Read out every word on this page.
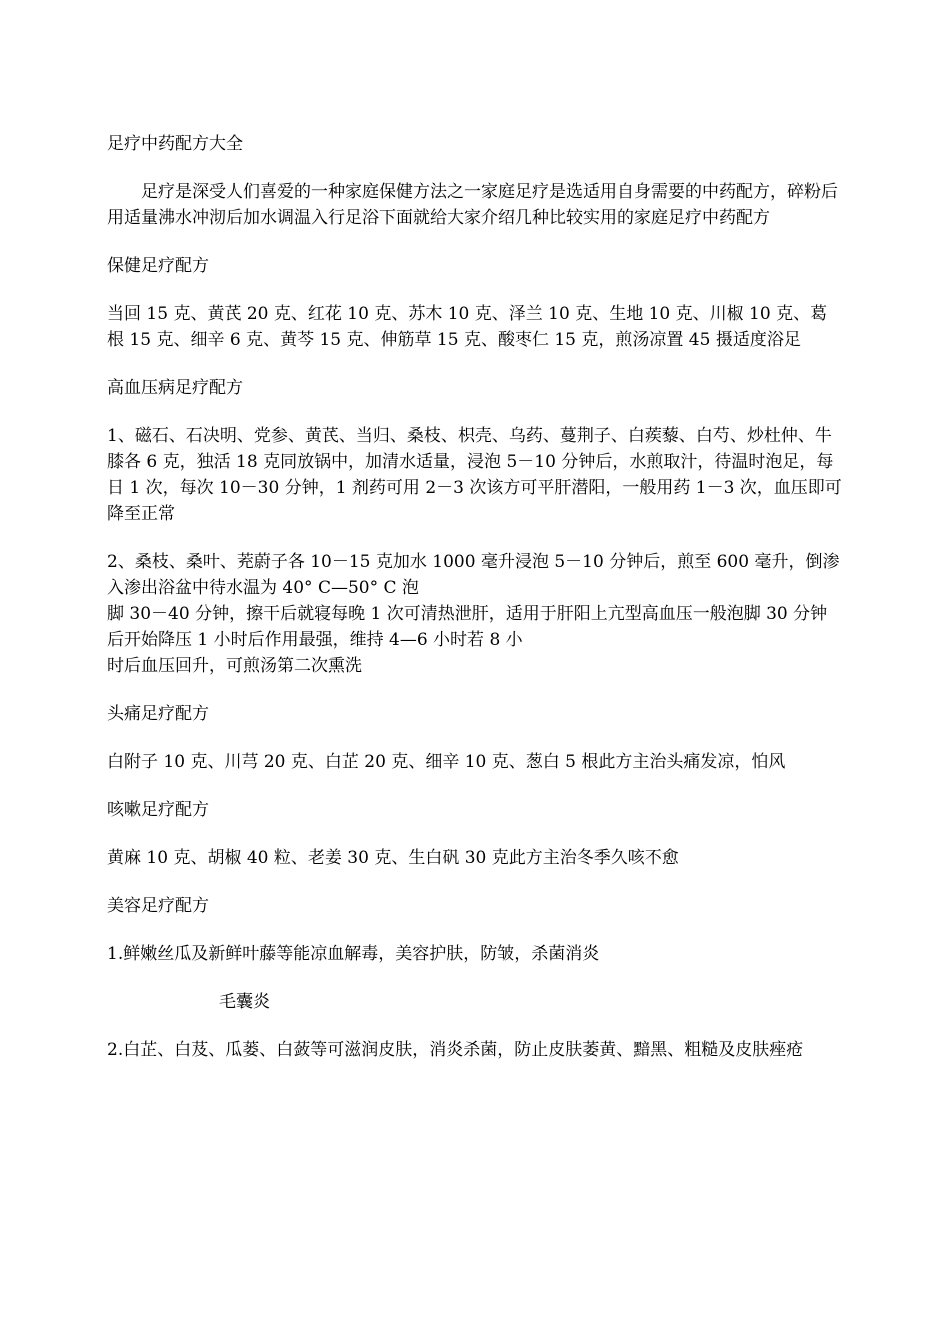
足疗中药配方大全

足疗是深受人们喜爱的一种家庭保健方法之一家庭足疗是选适用自身需要的中药配方，碎粉后用适量沸水冲沏后加水调温入行足浴下面就给大家介绍几种比较实用的家庭足疗中药配方

保健足疗配方

当回 15 克、黄芪 20 克、红花 10 克、苏木 10 克、泽兰 10 克、生地 10 克、川椒 10 克、葛根 15 克、细辛 6 克、黄芩 15 克、伸筋草 15 克、酸枣仁 15 克，煎汤凉置 45 摄适度浴足

高血压病足疗配方

1、磁石、石决明、党参、黄芪、当归、桑枝、枳壳、乌药、蔓荆子、白蒺藜、白芍、炒杜仲、牛膝各 6 克，独活 18 克同放锅中，加清水适量，浸泡 5－10 分钟后，水煎取汁，待温时泡足，每日 1 次，每次 10－30 分钟，1 剂药可用 2－3 次该方可平肝潜阳，一般用药 1－3 次，血压即可降至正常

2、桑枝、桑叶、茺蔚子各 10－15 克加水 1000 毫升浸泡 5－10 分钟后，煎至 600 毫升，倒渗入渗出浴盆中待水温为 40° C—50° C 泡
脚 30－40 分钟，擦干后就寝每晚 1 次可清热泄肝，适用于肝阳上亢型高血压一般泡脚 30 分钟后开始降压 1 小时后作用最强，维持 4—6 小时若 8 小
时后血压回升，可煎汤第二次熏洗

头痛足疗配方

白附子 10 克、川芎 20 克、白芷 20 克、细辛 10 克、葱白 5 根此方主治头痛发凉，怕风

咳嗽足疗配方

黄麻 10 克、胡椒 40 粒、老姜 30 克、生白矾 30 克此方主治冬季久咳不愈

美容足疗配方

1.鲜嫩丝瓜及新鲜叶藤等能凉血解毒，美容护肤，防皱，杀菌消炎

毛囊炎

2.白芷、白芨、瓜蒌、白蔹等可滋润皮肤，消炎杀菌，防止皮肤萎黄、黯黑、粗糙及皮肤痤疮
